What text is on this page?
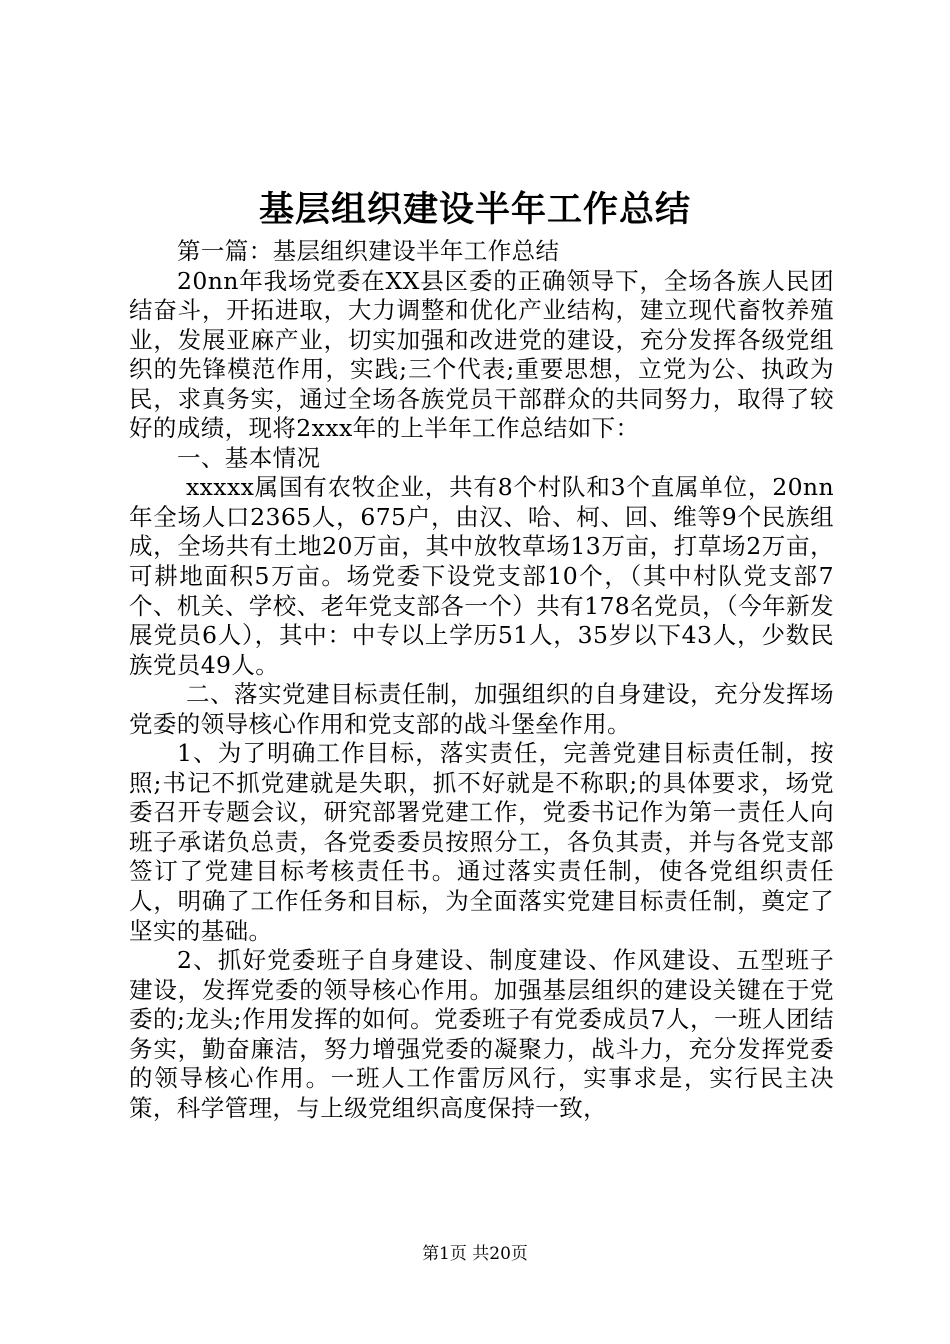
基层组织建设半年工作总结

第一篇：基层组织建设半年工作总结

20nn年我场党委在XX县区委的正确领导下，全场各族人民团结奋斗，开拓进取，大力调整和优化产业结构，建立现代畜牧养殖业，发展亚麻产业，切实加强和改进党的建设，充分发挥各级党组织的先锋模范作用，实践;三个代表;重要思想，立党为公、执政为民，求真务实，通过全场各族党员干部群众的共同努力，取得了较好的成绩，现将2xxx年的上半年工作总结如下：

一、基本情况

xxxxx属国有农牧企业，共有8个村队和3个直属单位，20nn年全场人口2365人，675户，由汉、哈、柯、回、维等9个民族组成，全场共有土地20万亩，其中放牧草场13万亩，打草场2万亩，可耕地面积5万亩。场党委下设党支部10个，（其中村队党支部7个、机关、学校、老年党支部各一个）共有178名党员，（今年新发展党员6人），其中：中专以上学历51人，35岁以下43人，少数民族党员49人。

二、落实党建目标责任制，加强组织的自身建设，充分发挥场党委的领导核心作用和党支部的战斗堡垒作用。

1、为了明确工作目标，落实责任，完善党建目标责任制，按照;书记不抓党建就是失职，抓不好就是不称职;的具体要求，场党委召开专题会议，研究部署党建工作，党委书记作为第一责任人向班子承诺负总责，各党委委员按照分工，各负其责，并与各党支部签订了党建目标考核责任书。通过落实责任制，使各党组织责任人，明确了工作任务和目标，为全面落实党建目标责任制，奠定了坚实的基础。

2、抓好党委班子自身建设、制度建设、作风建设、五型班子建设，发挥党委的领导核心作用。加强基层组织的建设关键在于党委的;龙头;作用发挥的如何。党委班子有党委成员7人，一班人团结务实，勤奋廉洁，努力增强党委的凝聚力，战斗力，充分发挥党委的领导核心作用。一班人工作雷厉风行，实事求是，实行民主决策，科学管理，与上级党组织高度保持一致，

第1页 共20页
